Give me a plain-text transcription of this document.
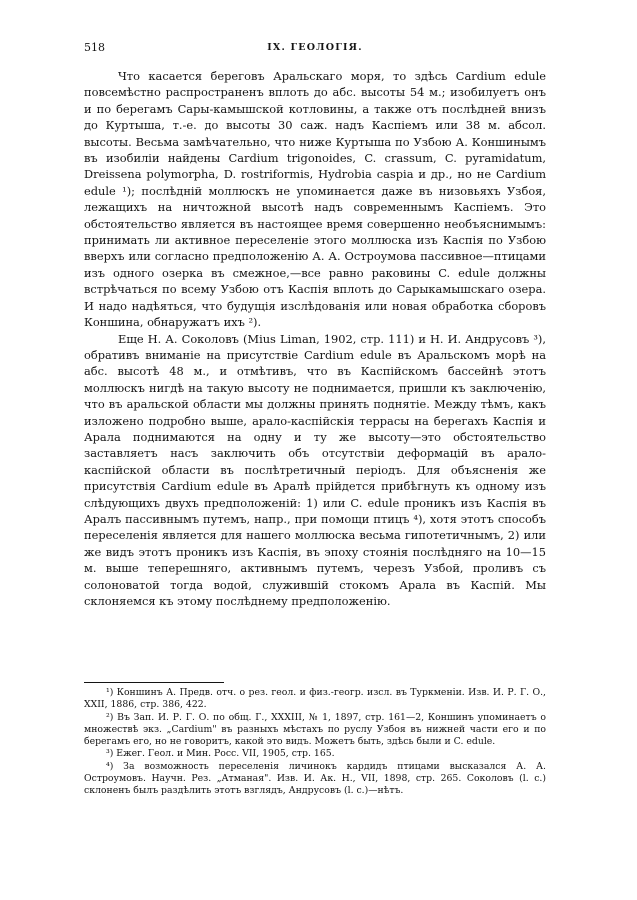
518	IX. ГЕОЛОГІЯ.

Что касается береговъ Аральскаго моря, то здѣсь Cardium edule повсемѣстно распространенъ вплоть до абс. высоты 54 м.; изобилуетъ онъ и по берегамъ Сары-камышской котловины, а также отъ послѣдней внизъ до Куртыша, т.-е. до высоты 30 саж. надъ Каспіемъ или 38 м. абсол. высоты. Весьма замѣчательно, что ниже Куртыша по Узбою А. Коншинымъ въ изобиліи найдены Cardium trigonoides, C. crassum, C. pyramidatum, Dreissena polymorpha, D. rostriformis, Hydrobia caspia и др., но не Cardium edule ¹); послѣдній моллюскъ не упоминается даже въ низовьяхъ Узбоя, лежащихъ на ничтожной высотѣ надъ современнымъ Каспіемъ. Это обстоятельство является въ настоящее время совершенно необъяснимымъ: принимать ли активное переселеніе этого моллюска изъ Каспія по Узбою вверхъ или согласно предположенію А. А. Остроумова пассивное—птицами изъ одного озерка въ смежное,—все равно раковины C. edule должны встрѣчаться по всему Узбою отъ Каспія вплоть до Сарыкамышскаго озера. И надо надѣяться, что будущія изслѣдованія или новая обработка сборовъ Коншина, обнаружатъ ихъ ²).

Еще Н. А. Соколовъ (Mius Liman, 1902, стр. 111) и Н. И. Андрусовъ ³), обративъ вниманіе на присутствіе Cardium edule въ Аральскомъ морѣ на абс. высотѣ 48 м., и отмѣтивъ, что въ Каспійскомъ бассейнѣ этотъ моллюскъ нигдѣ на такую высоту не поднимается, пришли къ заключенію, что въ аральской области мы должны принять поднятіе. Между тѣмъ, какъ изложено подробно выше, арало-каспійскія террасы на берегахъ Каспія и Арала поднимаются на одну и ту же высоту—это обстоятельство заставляетъ насъ заключить объ отсутствіи деформацій въ арало-каспійской области въ послѣтретичный періодъ. Для объясненія же присутствія Cardium edule въ Аралѣ прійдется прибѣгнуть къ одному изъ слѣдующихъ двухъ предположеній: 1) или C. edule проникъ изъ Каспія въ Аралъ пассивнымъ путемъ, напр., при помощи птицъ ⁴), хотя этотъ способъ переселенія является для нашего моллюска весьма гипотетичнымъ, 2) или же видъ этотъ проникъ изъ Каспія, въ эпоху стоянія послѣдняго на 10—15 м. выше теперешняго, активнымъ путемъ, черезъ Узбой, проливъ съ солоноватой тогда водой, служившій стокомъ Арала въ Каспій. Мы склоняемся къ этому послѣднему предположенію.

¹) Коншинъ А. Предв. отч. о рез. геол. и физ.-геогр. изсл. въ Туркменіи. Изв. И. Р. Г. О., XXII, 1886, стр. 386, 422.

²) Въ Зап. И. Р. Г. О. по общ. Г., XXXIII, № 1, 1897, стр. 161—2, Коншинъ упоминаетъ о множествѣ экз. „Cardium" въ разныхъ мѣстахъ по руслу Узбоя въ нижней части его и по берегамъ его, но не говоритъ, какой это видъ. Можетъ быть, здѣсь были и C. edule.

³) Ежег. Геол. и Мин. Росс. VII, 1905, стр. 165.

⁴) За возможность переселенія личинокъ кардидъ птицами высказался А. А. Остроумовъ. Научн. Рез. „Атманая". Изв. И. Ак. Н., VII, 1898, стр. 265. Соколовъ (l. c.) склоненъ былъ раздѣлить этотъ взглядъ, Андрусовъ (l. c.)—нѣтъ.
